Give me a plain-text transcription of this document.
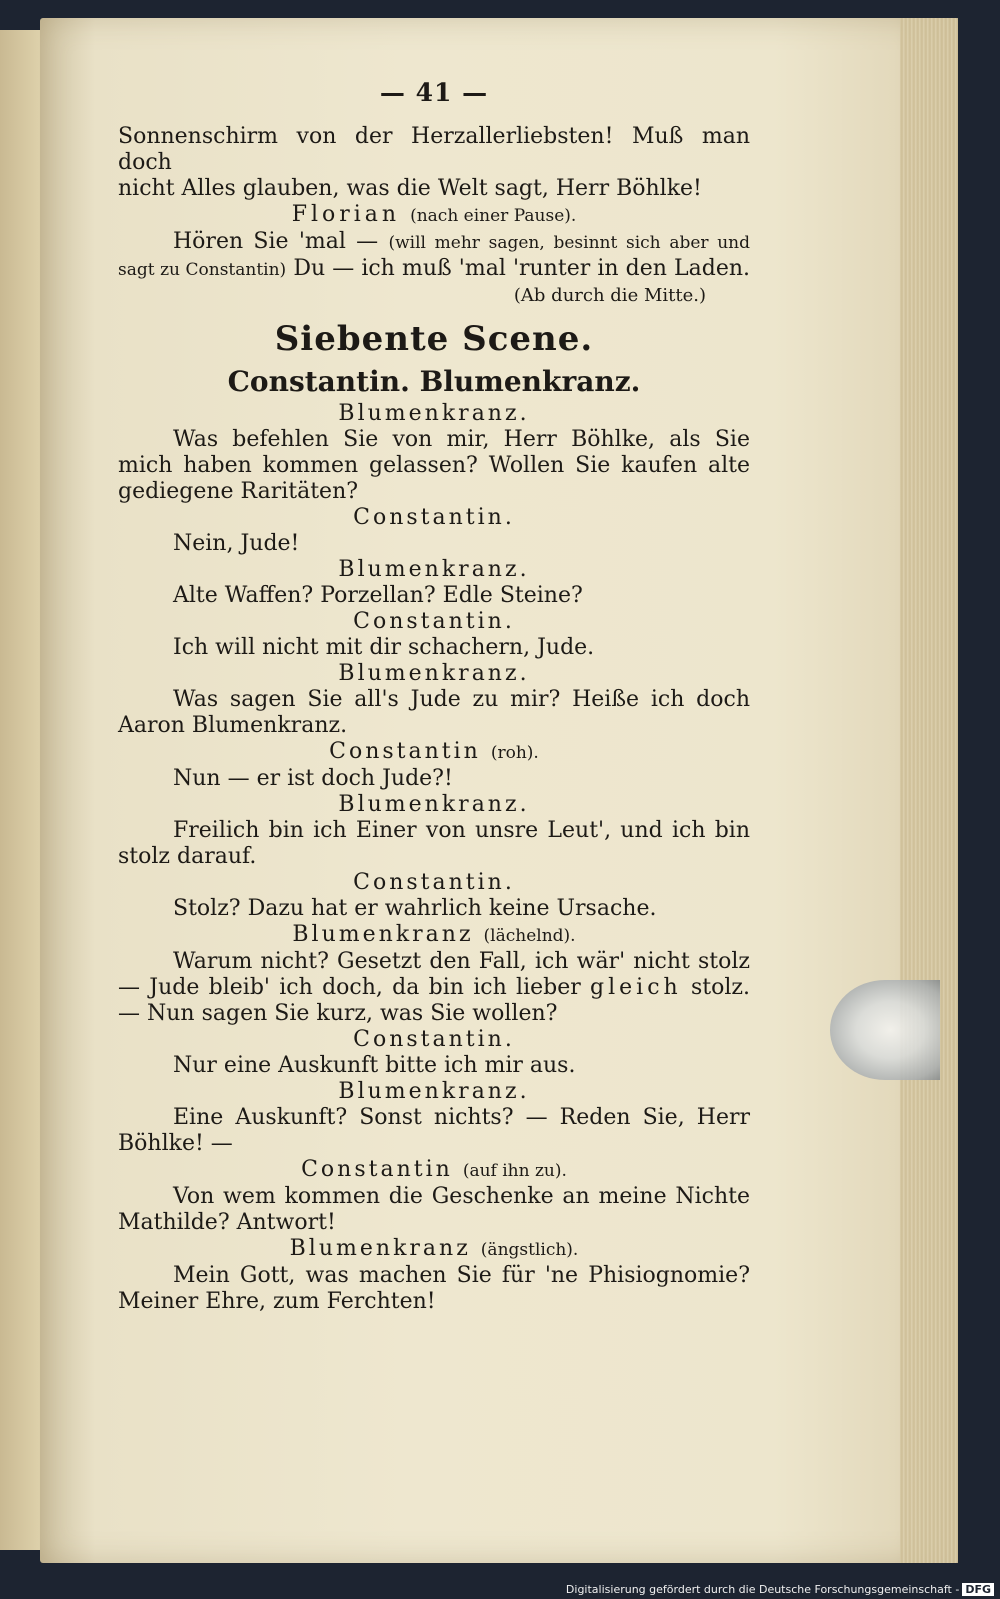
— 41 —
Sonnenschirm von der Herzallerliebsten! Muß man doch
nicht Alles glauben, was die Welt sagt, Herr Böhlke!
Florian (nach einer Pause).
Hören Sie 'mal — (will mehr sagen, besinnt sich aber und
sagt zu Constantin) Du — ich muß 'mal 'runter in den Laden.
(Ab durch die Mitte.)
Siebente Scene.
Constantin. Blumenkranz.
Blumenkranz.
Was befehlen Sie von mir, Herr Böhlke, als Sie mich haben kommen gelassen? Wollen Sie kaufen alte gediegene Raritäten?
Constantin.
Nein, Jude!
Blumenkranz.
Alte Waffen? Porzellan? Edle Steine?
Constantin.
Ich will nicht mit dir schachern, Jude.
Blumenkranz.
Was sagen Sie all's Jude zu mir? Heiße ich doch Aaron Blumenkranz.
Constantin (roh).
Nun — er ist doch Jude?!
Blumenkranz.
Freilich bin ich Einer von unsre Leut', und ich bin stolz darauf.
Constantin.
Stolz? Dazu hat er wahrlich keine Ursache.
Blumenkranz (lächelnd).
Warum nicht? Gesetzt den Fall, ich wär' nicht stolz — Jude bleib' ich doch, da bin ich lieber gleich stolz. — Nun sagen Sie kurz, was Sie wollen?
Constantin.
Nur eine Auskunft bitte ich mir aus.
Blumenkranz.
Eine Auskunft? Sonst nichts? — Reden Sie, Herr Böhlke! —
Constantin (auf ihn zu).
Von wem kommen die Geschenke an meine Nichte Mathilde? Antwort!
Blumenkranz (ängstlich).
Mein Gott, was machen Sie für 'ne Phisiognomie? Meiner Ehre, zum Ferchten!
Digitalisierung gefördert durch die Deutsche Forschungsgemeinschaft - DFG
